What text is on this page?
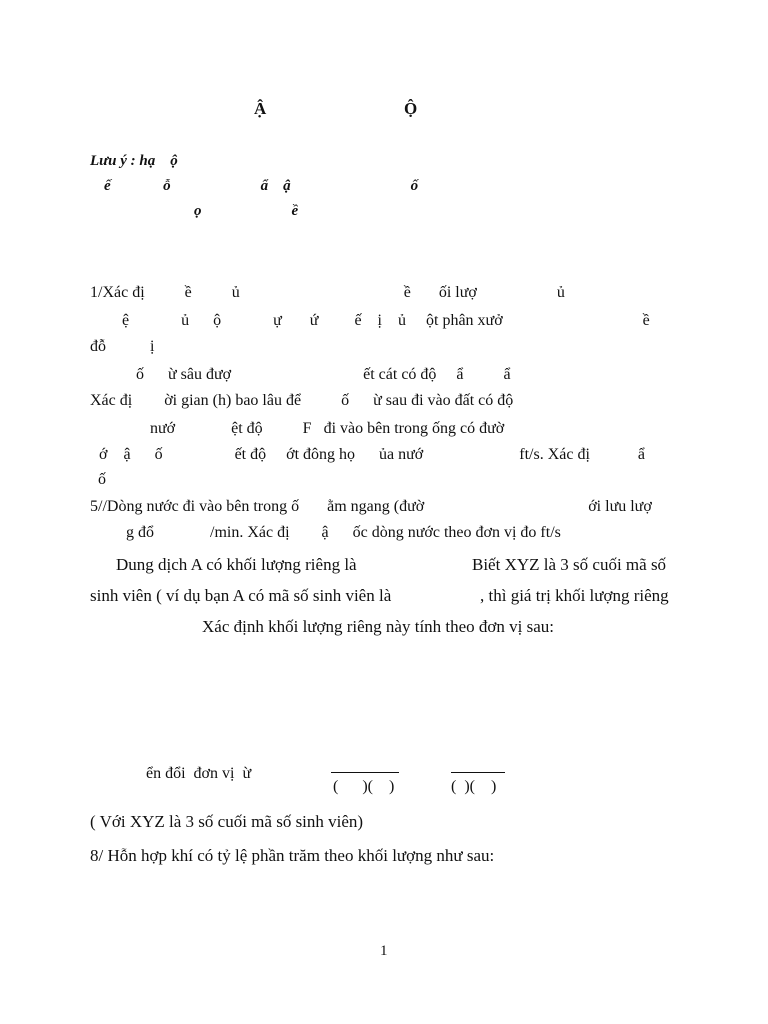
Ậ	Ộ
Lưu ý : hạ    ộ
ế              ỗ                        ẩ    ậ                                ố
ọ                        ề
1/Xác đị          ề          ủ                                         ề       ối lượ                    ủ
ệ             ủ      ộ             ự       ứ         ế    ị    ủ     ột phân xưở                                   ề
đỗ           ị
ố      ừ sâu đượ                                 ết cát có độ     ẩ          ẩ
Xác đị        ời gian (h) bao lâu để          ố      ừ sau đi vào đất có độ
nướ              ệt độ          F   đi vào bên trong ống có đườ
ớ    ậ      ố                  ết độ     ớt đông họ      ủa nướ                        ft/s. Xác đị            ẩ
ố
5//Dòng nước đi vào bên trong ố       ằm ngang (đườ                                         ới lưu lượ
g đổ              /min. Xác đị        ậ      ốc dòng nước theo đơn vị đo ft/s
Dung dịch A có khối lượng riêng là	Biết XYZ là 3 số cuối mã số
sinh viên ( ví dụ bạn A có mã số sinh viên là	, thì giá trị khối lượng riêng
Xác định khối lượng riêng này tính theo đơn vị sau:
ển đổi  đơn vị  ừ
(      )(    )	(  )(    )
( Với XYZ là 3 số cuối mã số sinh viên)
8/ Hỗn hợp khí có tỷ lệ phần trăm theo khối lượng như sau:
1
